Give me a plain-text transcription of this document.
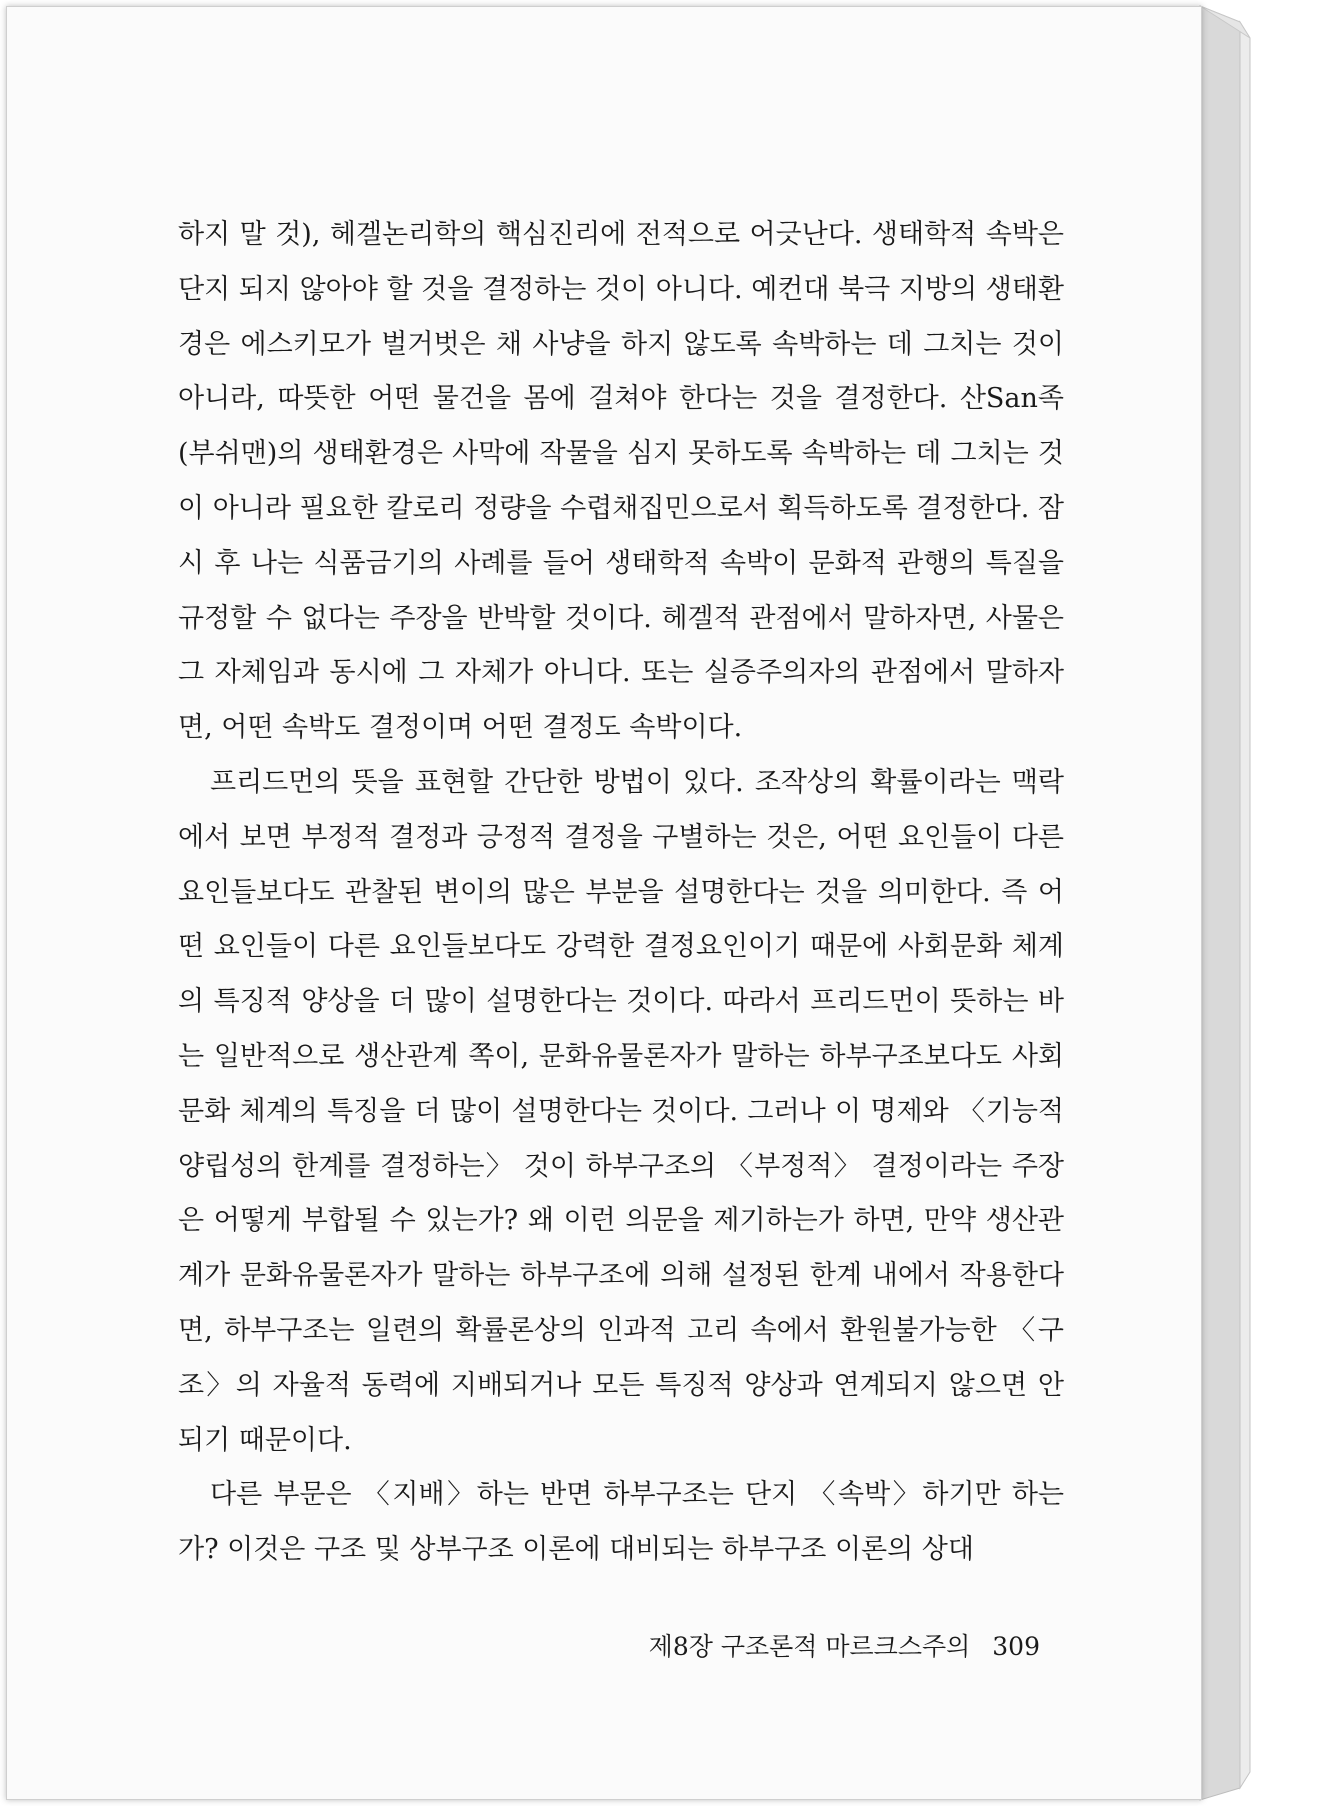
하지 말 것), 헤겔논리학의 핵심진리에 전적으로 어긋난다. 생태학적 속박은 단지 되지 않아야 할 것을 결정하는 것이 아니다. 예컨대 북극 지방의 생태환경은 에스키모가 벌거벗은 채 사냥을 하지 않도록 속박하는 데 그치는 것이 아니라, 따뜻한 어떤 물건을 몸에 걸쳐야 한다는 것을 결정한다. 산San족(부쉬맨)의 생태환경은 사막에 작물을 심지 못하도록 속박하는 데 그치는 것이 아니라 필요한 칼로리 정량을 수렵채집민으로서 획득하도록 결정한다. 잠시 후 나는 식품금기의 사례를 들어 생태학적 속박이 문화적 관행의 특질을 규정할 수 없다는 주장을 반박할 것이다. 헤겔적 관점에서 말하자면, 사물은 그 자체임과 동시에 그 자체가 아니다. 또는 실증주의자의 관점에서 말하자면, 어떤 속박도 결정이며 어떤 결정도 속박이다.

프리드먼의 뜻을 표현할 간단한 방법이 있다. 조작상의 확률이라는 맥락에서 보면 부정적 결정과 긍정적 결정을 구별하는 것은, 어떤 요인들이 다른 요인들보다도 관찰된 변이의 많은 부분을 설명한다는 것을 의미한다. 즉 어떤 요인들이 다른 요인들보다도 강력한 결정요인이기 때문에 사회문화 체계의 특징적 양상을 더 많이 설명한다는 것이다. 따라서 프리드먼이 뜻하는 바는 일반적으로 생산관계 쪽이, 문화유물론자가 말하는 하부구조보다도 사회문화 체계의 특징을 더 많이 설명한다는 것이다. 그러나 이 명제와 〈기능적 양립성의 한계를 결정하는〉 것이 하부구조의 〈부정적〉 결정이라는 주장은 어떻게 부합될 수 있는가? 왜 이런 의문을 제기하는가 하면, 만약 생산관계가 문화유물론자가 말하는 하부구조에 의해 설정된 한계 내에서 작용한다면, 하부구조는 일련의 확률론상의 인과적 고리 속에서 환원불가능한 〈구조〉의 자율적 동력에 지배되거나 모든 특징적 양상과 연계되지 않으면 안되기 때문이다.

다른 부문은 〈지배〉하는 반면 하부구조는 단지 〈속박〉하기만 하는가? 이것은 구조 및 상부구조 이론에 대비되는 하부구조 이론의 상대

제8장 구조론적 마르크스주의 309
